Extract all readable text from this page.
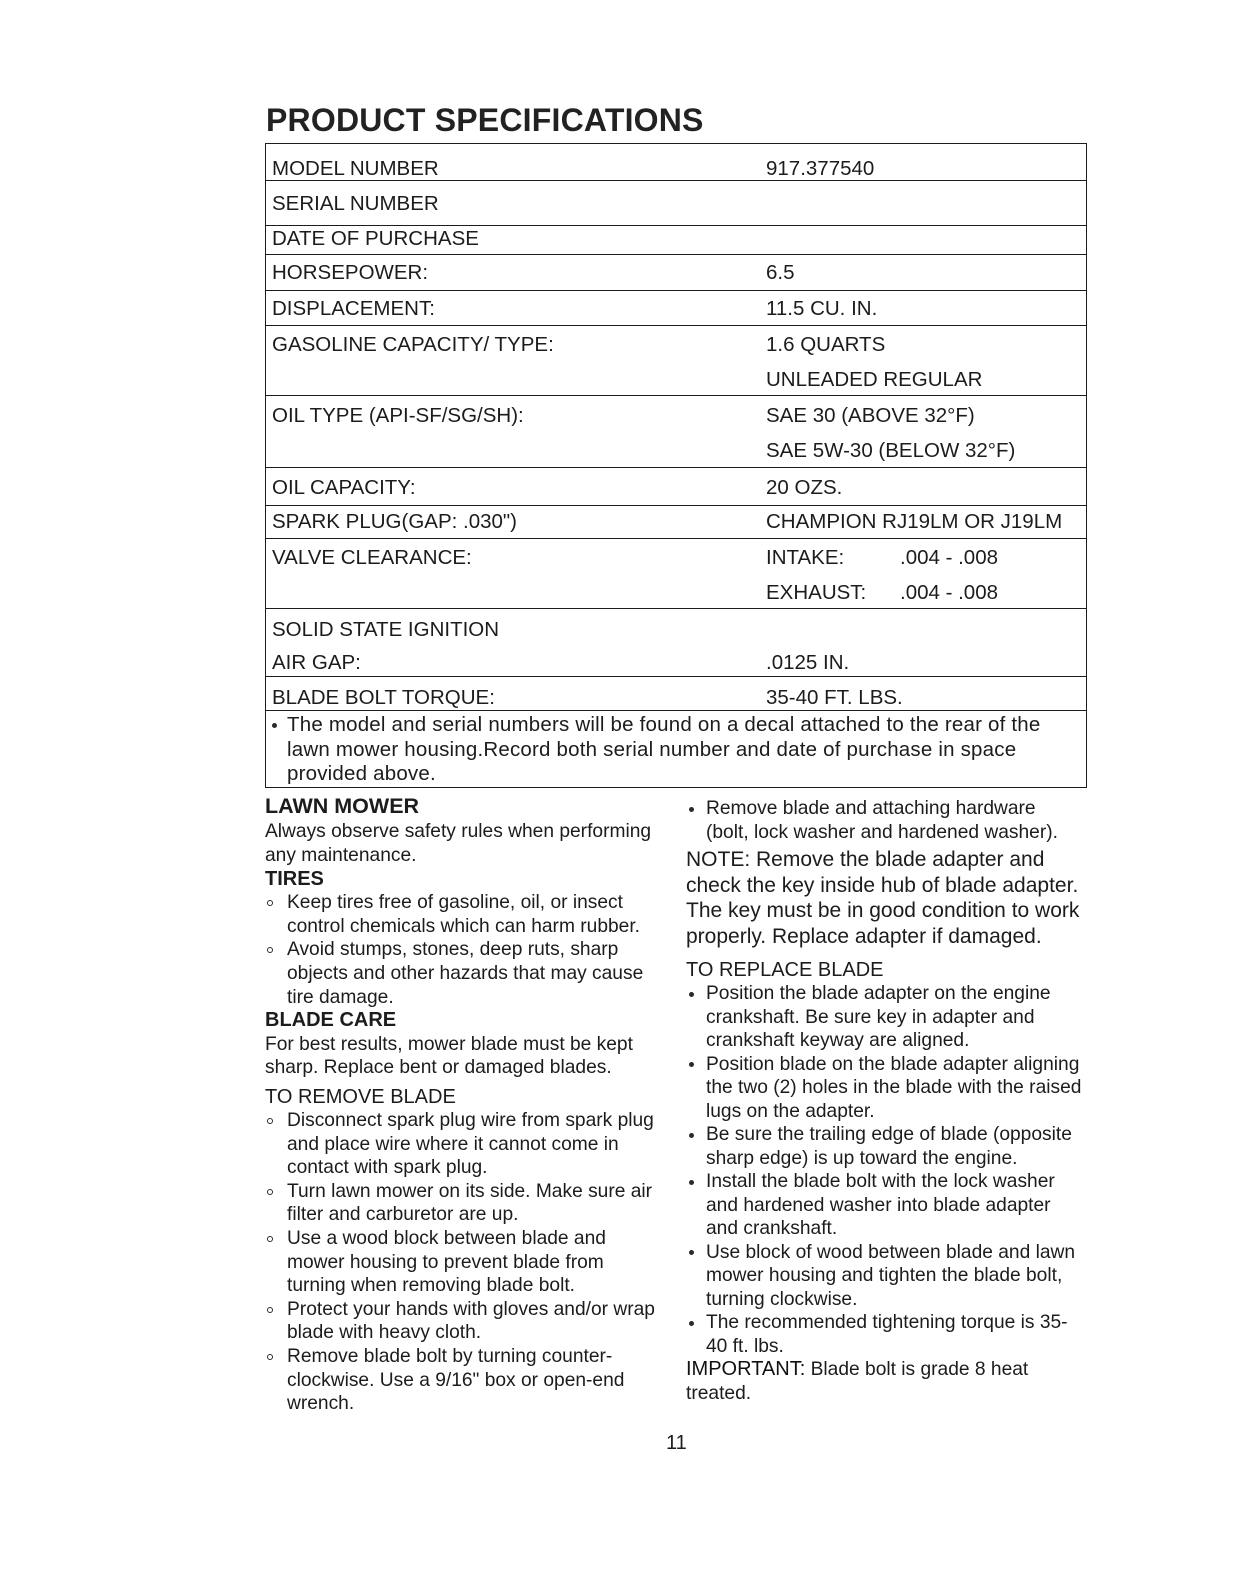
PRODUCT SPECIFICATIONS
MODEL NUMBER	917.377540
SERIAL NUMBER
DATE OF PURCHASE
HORSEPOWER:	6.5
DISPLACEMENT:	11.5 CU. IN.
GASOLINE CAPACITY/ TYPE:	1.6 QUARTS
UNLEADED REGULAR
OIL TYPE (API-SF/SG/SH):	SAE 30 (ABOVE 32°F)
SAE 5W-30 (BELOW 32°F)
OIL CAPACITY:	20 OZS.
SPARK PLUG(GAP: .030")	CHAMPION RJ19LM OR J19LM
VALVE CLEARANCE:	INTAKE:	.004 - .008
EXHAUST: .004 - .008
SOLID STATE IGNITION
AIR GAP:	.0125 IN.
BLADE BOLT TORQUE:	35-40 FT. LBS.
The model and serial numbers will be found on a decal attached to the rear of the
lawn mower housing.Record both serial number and date of purchase in space
provided above.
LAWN MOWER
Always observe safety rules when performing
any maintenance.
TIRES
Keep tires free of gasoline, oil, or insect
control chemicals which can harm rubber.
Avoid stumps, stones, deep ruts, sharp
objects and other hazards that may cause
tire damage.
BLADE CARE
For best results, mower blade must be kept
sharp. Replace bent or damaged blades.
TO REMOVE BLADE
Disconnect spark plug wire from spark plug
and place wire where it cannot come in
contact with spark plug.
Turn lawn mower on its side. Make sure air
filter and carburetor are up.
Use a wood block between blade and
mower housing to prevent blade from
turning when removing blade bolt.
Protect your hands with gloves and/or wrap
blade with heavy cloth.
Remove blade bolt by turning counter-
clockwise. Use a 9/16" box or open-end
wrench.
Remove blade and attaching hardware
(bolt, lock washer and hardened washer).
NOTE: Remove the blade adapter and
check the key inside hub of blade adapter.
The key must be in good condition to work
properly. Replace adapter if damaged.
TO REPLACE BLADE
Position the blade adapter on the engine
crankshaft. Be sure key in adapter and
crankshaft keyway are aligned.
Position blade on the blade adapter aligning
the two (2) holes in the blade with the raised
lugs on the adapter.
Be sure the trailing edge of blade (opposite
sharp edge) is up toward the engine.
Install the blade bolt with the lock washer
and hardened washer into blade adapter
and crankshaft.
Use block of wood between blade and lawn
mower housing and tighten the blade bolt,
turning clockwise.
The recommended tightening torque is 35-
40 ft. lbs.
IMPORTANT: Blade bolt is grade 8 heat
treated.
11
